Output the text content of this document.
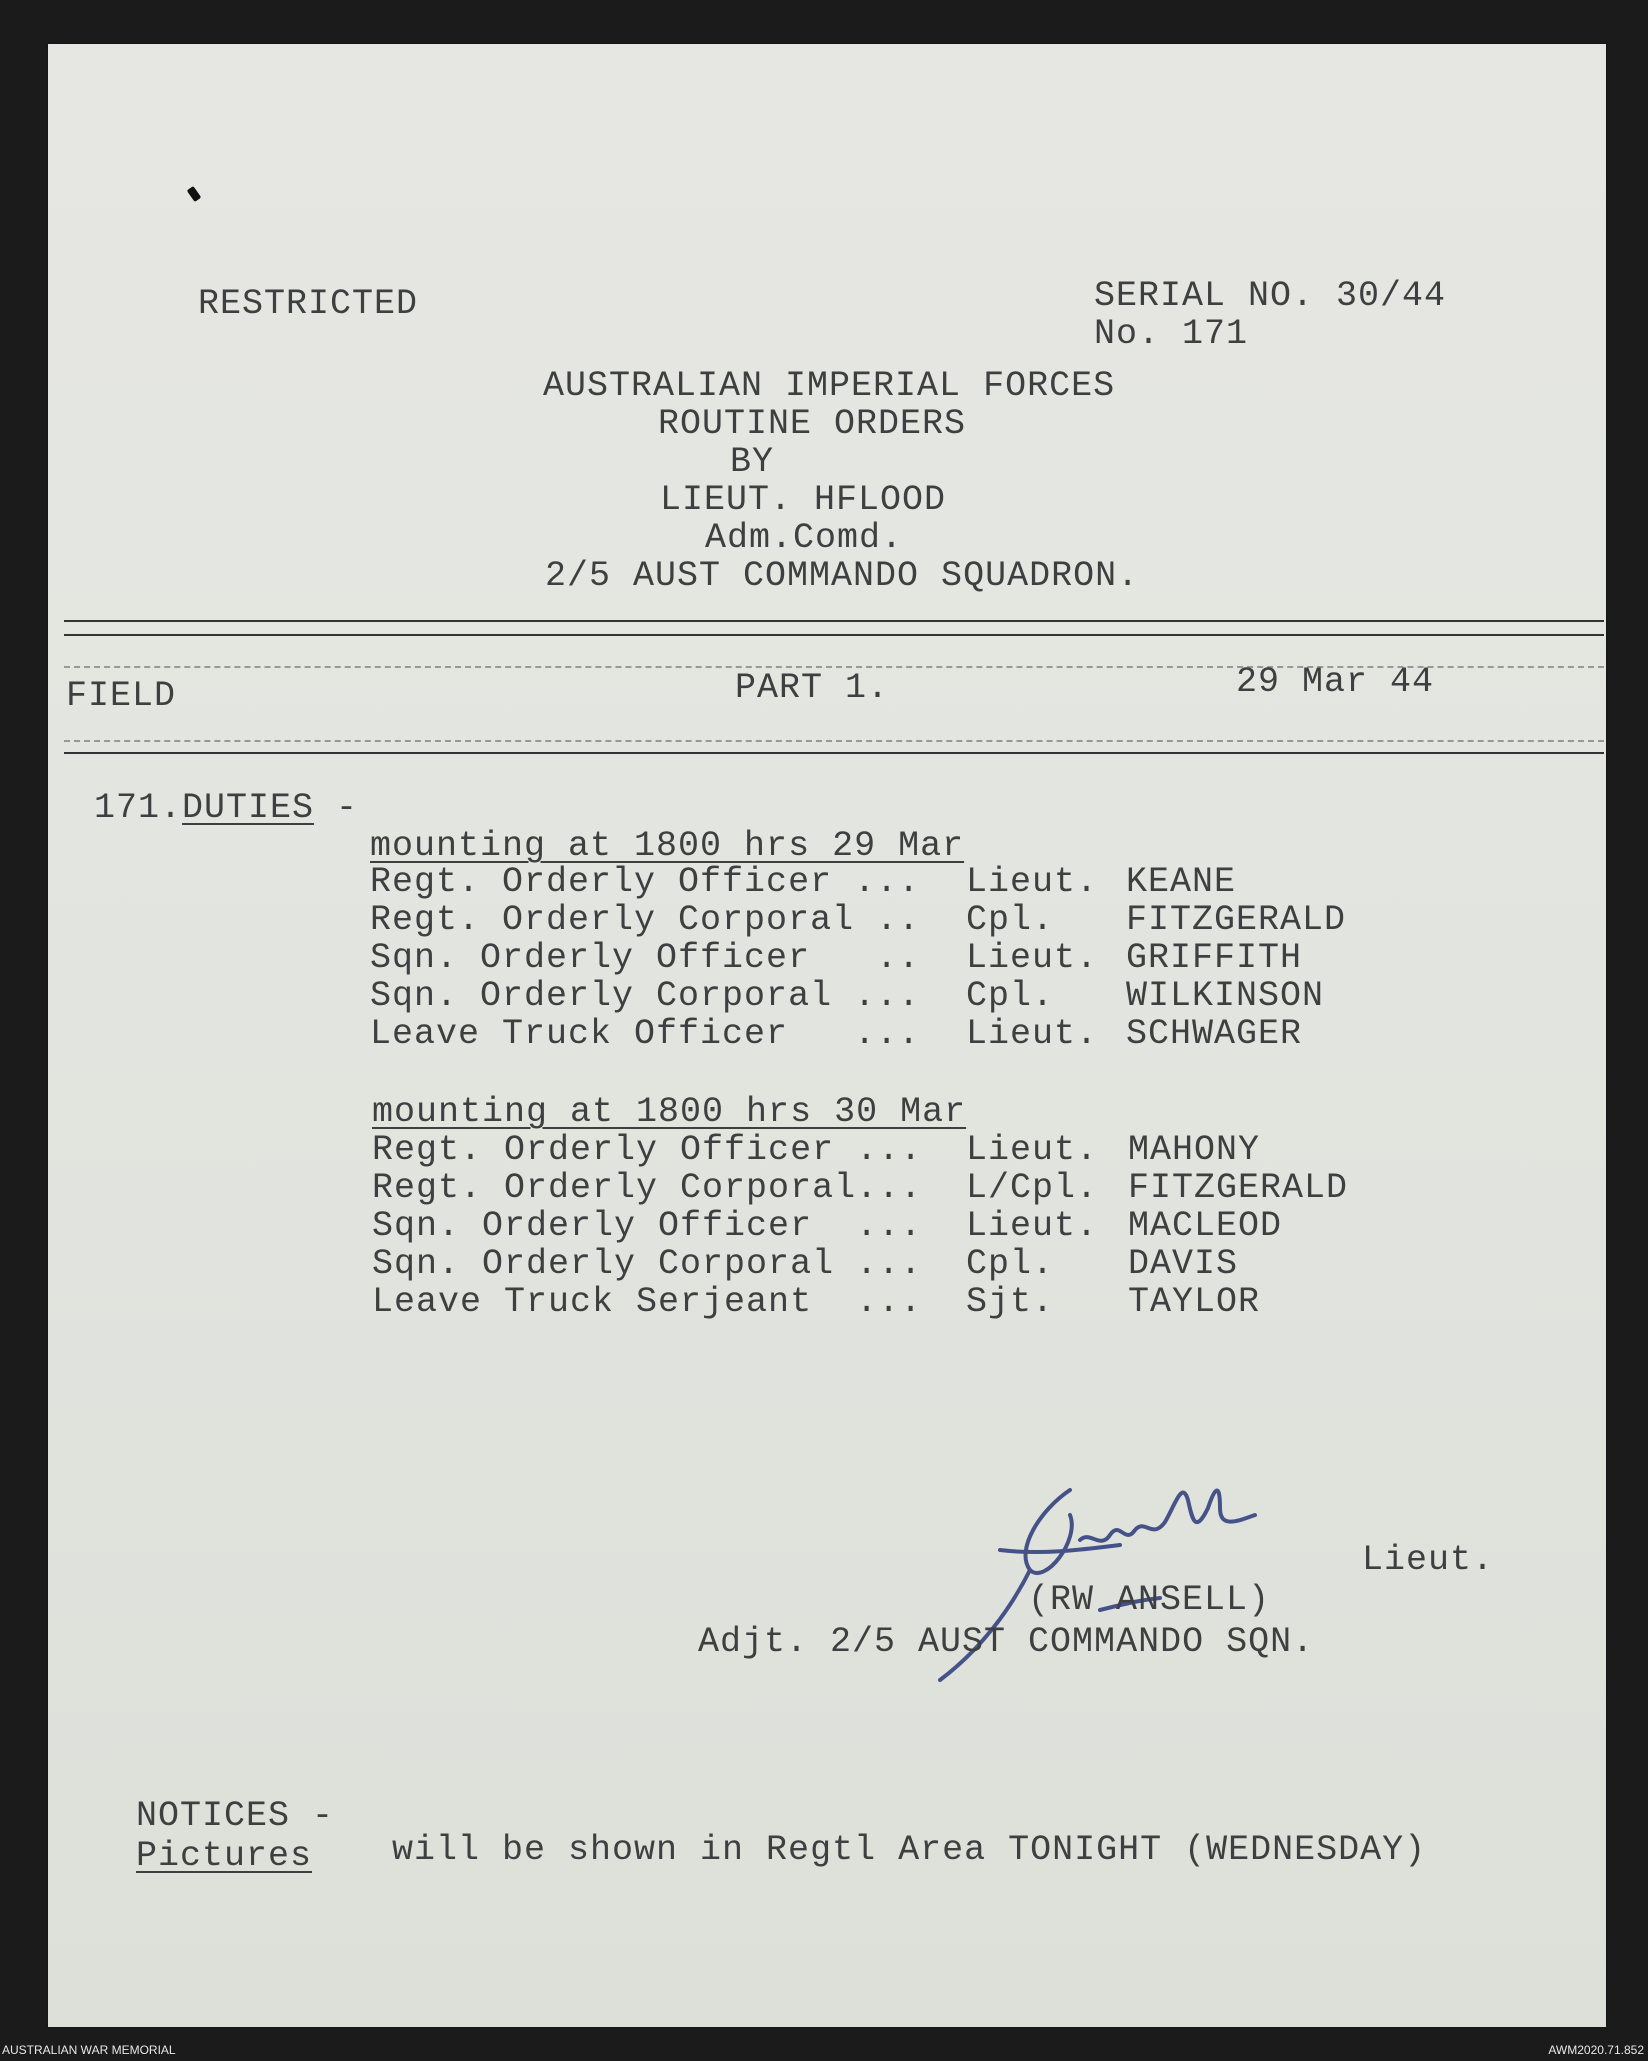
RESTRICTED	SERIAL NO. 30/44
No. 171
AUSTRALIAN IMPERIAL FORCES
ROUTINE ORDERS
BY
LIEUT. HFLOOD
Adm.Comd.
2/5 AUST COMMANDO SQUADRON.
FIELD	PART 1.	29 Mar 44
171.DUTIES -
mounting at 1800 hrs 29 Mar
Regt. Orderly Officer ... Lieut. KEANE
Regt. Orderly Corporal .. Cpl. FITZGERALD
Sqn. Orderly Officer   .. Lieut. GRIFFITH
Sqn. Orderly Corporal ... Cpl. WILKINSON
Leave Truck Officer   ... Lieut. SCHWAGER
mounting at 1800 hrs 30 Mar
Regt. Orderly Officer ... Lieut. MAHONY
Regt. Orderly Corporal... L/Cpl. FITZGERALD
Sqn. Orderly Officer  ... Lieut. MACLEOD
Sqn. Orderly Corporal ... Cpl. DAVIS
Leave Truck Serjeant  ... Sjt. TAYLOR
Lieut.
(RW ANSELL)
Adjt. 2/5 AUST COMMANDO SQN.
NOTICES -
Pictures will be shown in Regtl Area TONIGHT (WEDNESDAY)
AUSTRALIAN WAR MEMORIAL	AWM2020.71.852
